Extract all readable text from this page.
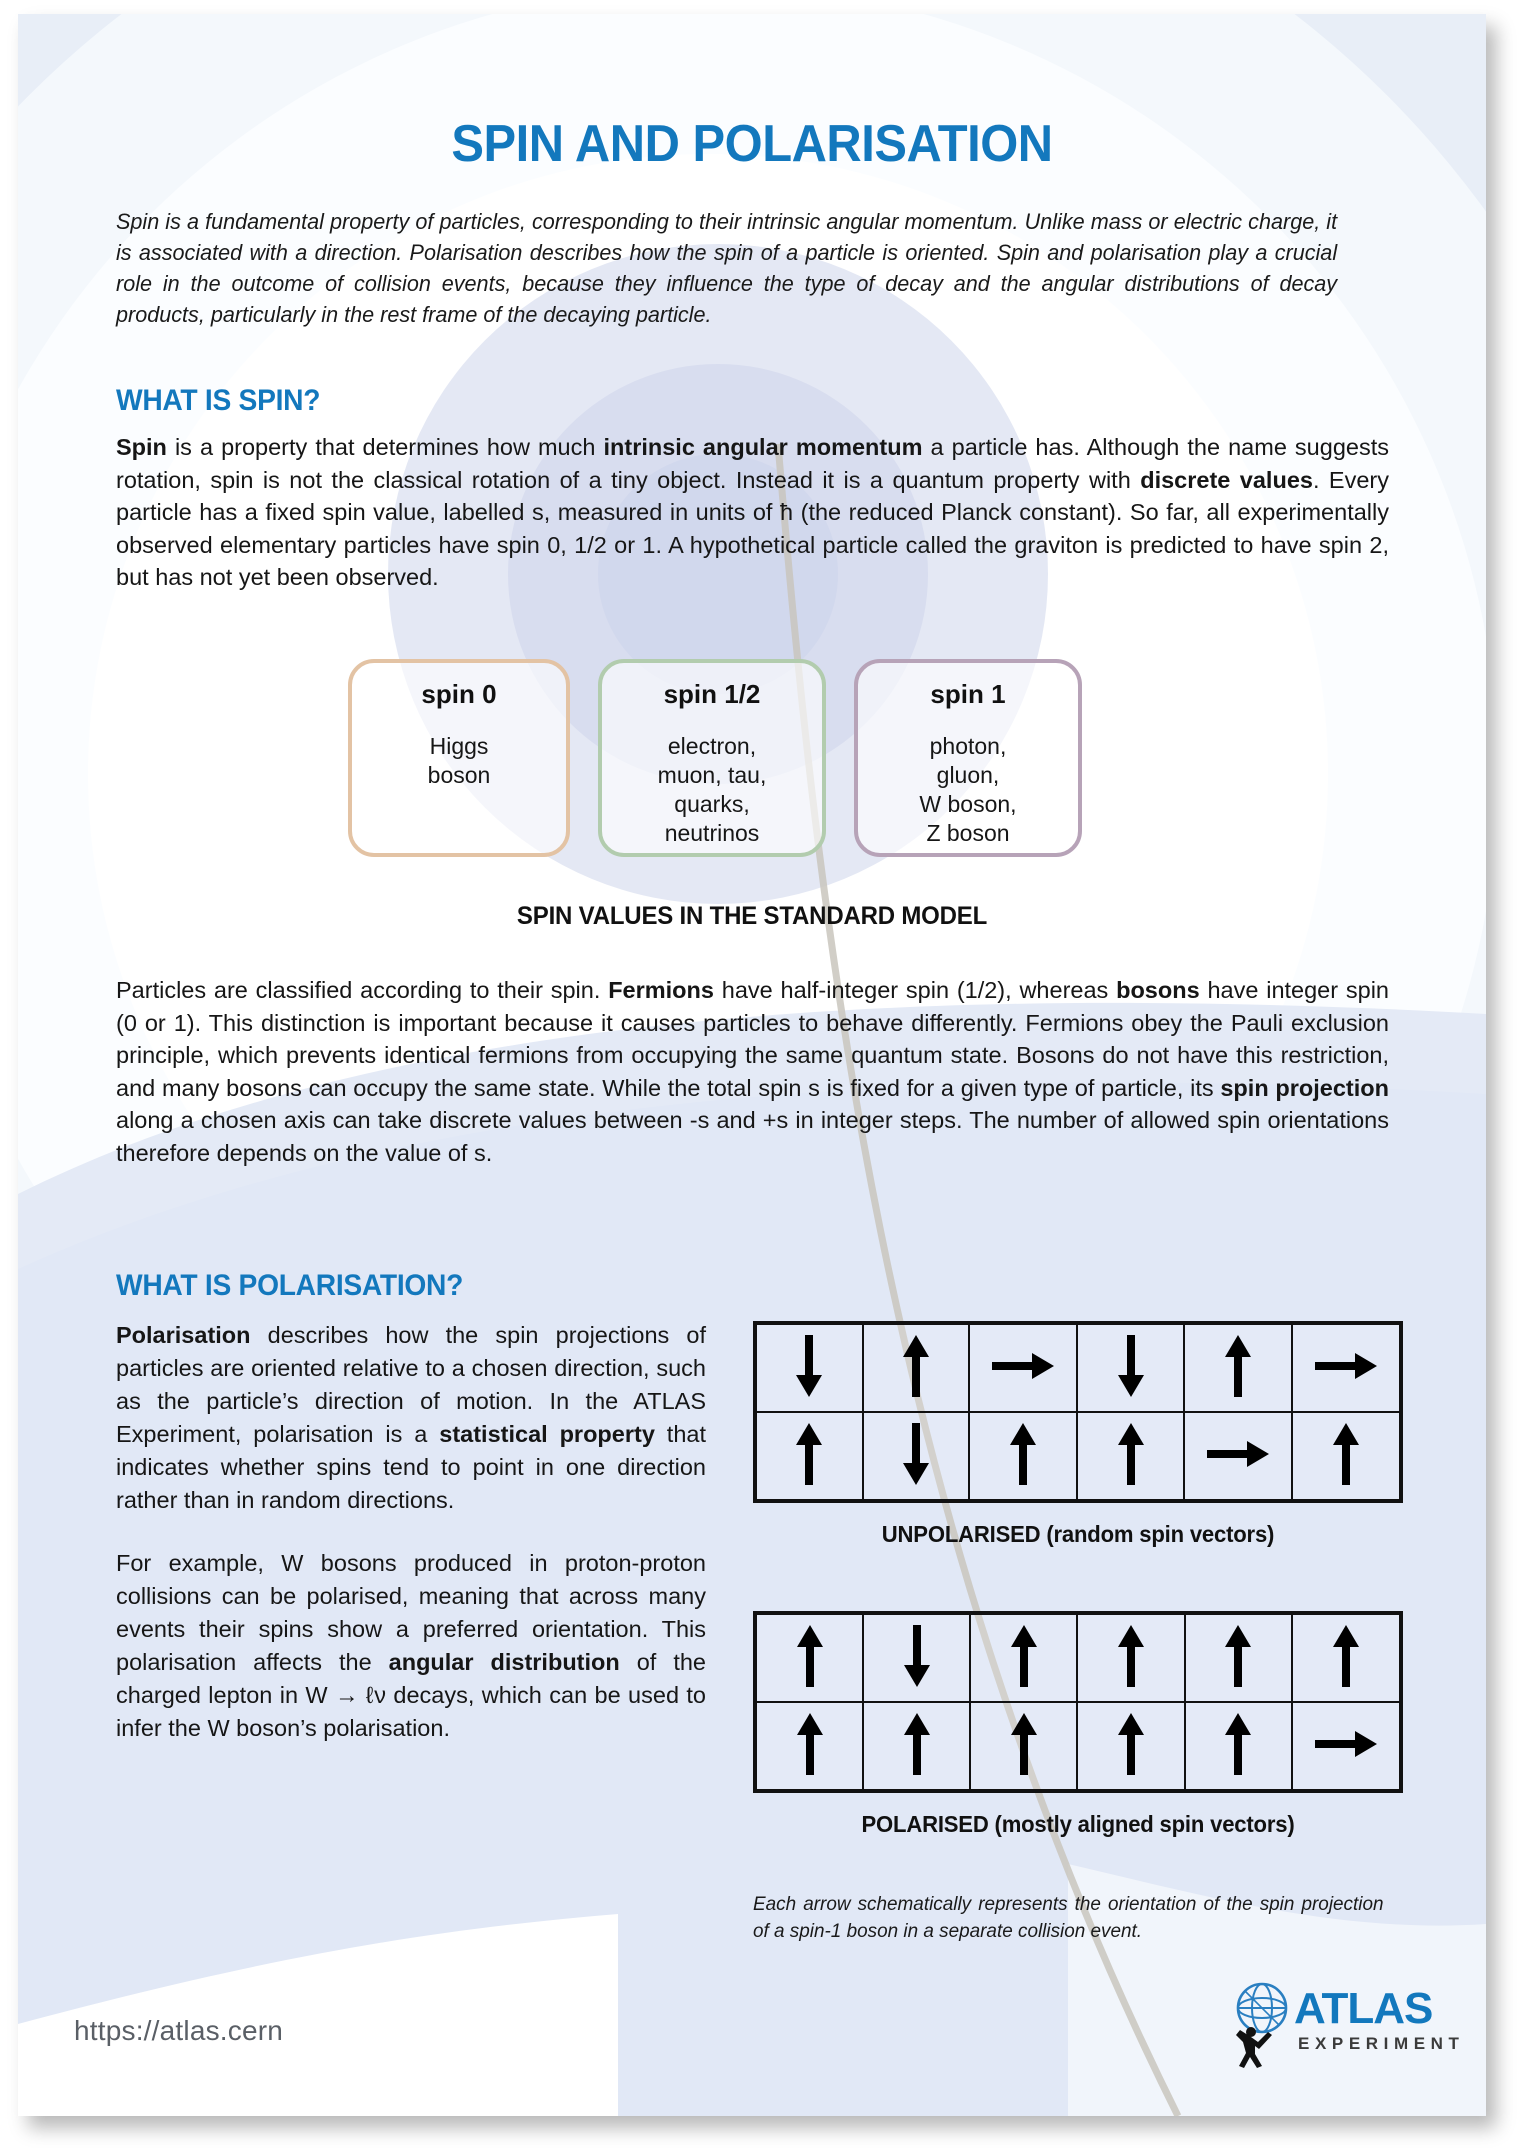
SPIN AND POLARISATION
Spin is a fundamental property of particles, corresponding to their intrinsic angular momentum. Unlike mass or electric charge, it is associated with a direction. Polarisation describes how the spin of a particle is oriented. Spin and polarisation play a crucial role in the outcome of collision events, because they influence the type of decay and the angular distributions of decay products, particularly in the rest frame of the decaying particle.
WHAT IS SPIN?
Spin is a property that determines how much intrinsic angular momentum a particle has. Although the name suggests rotation, spin is not the classical rotation of a tiny object. Instead it is a quantum property with discrete values. Every particle has a fixed spin value, labelled s, measured in units of ħ (the reduced Planck constant). So far, all experimentally observed elementary particles have spin 0, 1/2 or 1. A hypothetical particle called the graviton is predicted to have spin 2, but has not yet been observed.
spin 0
Higgs
boson
spin 1/2
electron,
muon, tau,
quarks,
neutrinos
spin 1
photon,
gluon,
W boson,
Z boson
SPIN VALUES IN THE STANDARD MODEL
Particles are classified according to their spin. Fermions have half-integer spin (1/2), whereas bosons have integer spin (0 or 1). This distinction is important because it causes particles to behave differently. Fermions obey the Pauli exclusion principle, which prevents identical fermions from occupying the same quantum state. Bosons do not have this restriction, and many bosons can occupy the same state. While the total spin s is fixed for a given type of particle, its spin projection along a chosen axis can take discrete values between -s and +s in integer steps. The number of allowed spin orientations therefore depends on the value of s.
WHAT IS POLARISATION?

Polarisation describes how the spin projections of particles are oriented relative to a chosen direction, such as the particle’s direction of motion. In the ATLAS Experiment, polarisation is a statistical property that indicates whether spins tend to point in one direction rather than in random directions.

For example, W bosons produced in proton-proton collisions can be polarised, meaning that across many events their spins show a preferred orientation. This polarisation affects the angular distribution of the charged lepton in W → ℓν decays, which can be used to infer the W boson’s polarisation.

UNPOLARISED (random spin vectors)

POLARISED (mostly aligned spin vectors)
Each arrow schematically represents the orientation of the spin projection of a spin-1 boson in a separate collision event.
https://atlas.cern	ATLAS
EXPERIMENT
